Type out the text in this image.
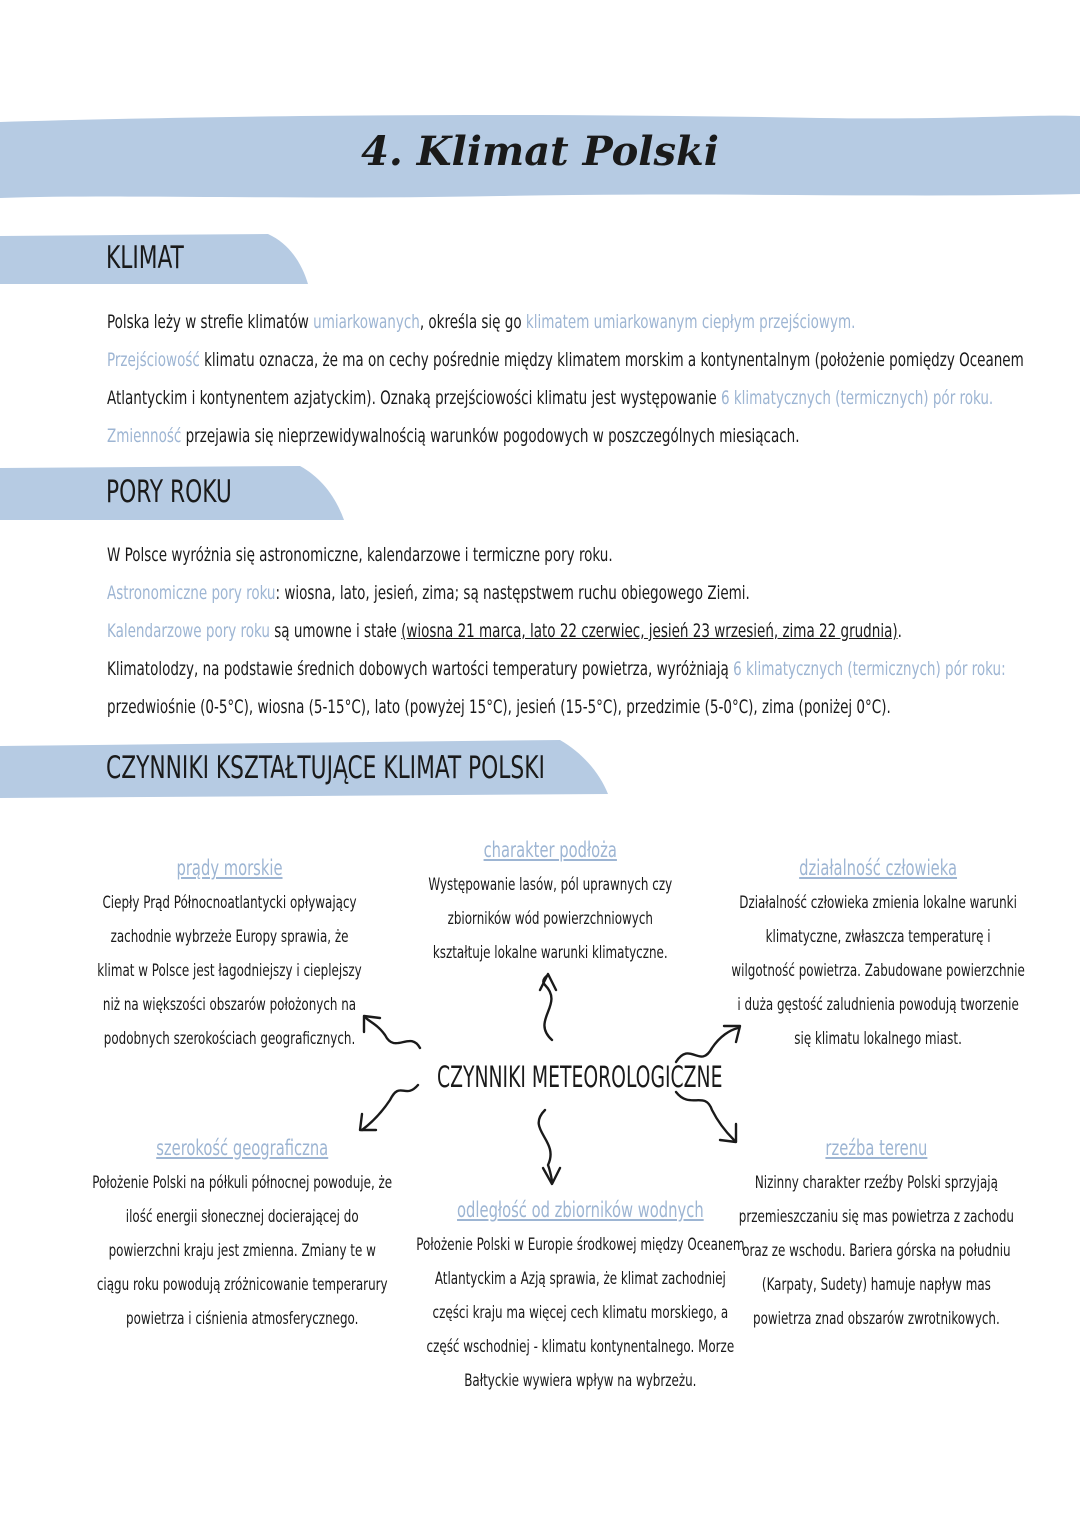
4. Klimat Polski
KLIMAT
Polska leży w strefie klimatów umiarkowanych, określa się go klimatem umiarkowanym ciepłym przejściowym.
Przejściowość klimatu oznacza, że ma on cechy pośrednie między klimatem morskim a kontynentalnym (położenie pomiędzy Oceanem
Atlantyckim i kontynentem azjatyckim). Oznaką przejściowości klimatu jest występowanie 6 klimatycznych (termicznych) pór roku.
Zmienność przejawia się nieprzewidywalnością warunków pogodowych w poszczególnych miesiącach.
PORY ROKU
W Polsce wyróżnia się astronomiczne, kalendarzowe i termiczne pory roku.
Astronomiczne pory roku: wiosna, lato, jesień, zima; są następstwem ruchu obiegowego Ziemi.
Kalendarzowe pory roku są umowne i stałe (wiosna 21 marca, lato 22 czerwiec, jesień 23 wrzesień, zima 22 grudnia).
Klimatolodzy, na podstawie średnich dobowych wartości temperatury powietrza, wyróżniają 6 klimatycznych (termicznych) pór roku:
przedwiośnie (0-5°C), wiosna (5-15°C), lato (powyżej 15°C), jesień (15-5°C), przedzimie (5-0°C), zima (poniżej 0°C).
CZYNNIKI KSZTAŁTUJĄCE KLIMAT POLSKI
prądy morskie
Ciepły Prąd Północnoatlantycki opływający
zachodnie wybrzeże Europy sprawia, że
klimat w Polsce jest łagodniejszy i cieplejszy
niż na większości obszarów położonych na
podobnych szerokościach geograficznych.
charakter podłoża
Występowanie lasów, pól uprawnych czy
zbiorników wód powierzchniowych
kształtuje lokalne warunki klimatyczne.
działalność człowieka
Działalność człowieka zmienia lokalne warunki
klimatyczne, zwłaszcza temperaturę i
wilgotność powietrza. Zabudowane powierzchnie
i duża gęstość zaludnienia powodują tworzenie
się klimatu lokalnego miast.
CZYNNIKI METEOROLOGICZNE
szerokość geograficzna
Położenie Polski na półkuli północnej powoduje, że
ilość energii słonecznej docierającej do
powierzchni kraju jest zmienna. Zmiany te w
ciągu roku powodują zróżnicowanie temperarury
powietrza i ciśnienia atmosferycznego.
odległość od zbiorników wodnych
Położenie Polski w Europie środkowej między Oceanem
Atlantyckim a Azją sprawia, że klimat zachodniej
części kraju ma więcej cech klimatu morskiego, a
część wschodniej - klimatu kontynentalnego. Morze
Bałtyckie wywiera wpływ na wybrzeżu.
rzeźba terenu
Nizinny charakter rzeźby Polski sprzyjają
przemieszczaniu się mas powietrza z zachodu
oraz ze wschodu. Bariera górska na południu
(Karpaty, Sudety) hamuje napływ mas
powietrza znad obszarów zwrotnikowych.
